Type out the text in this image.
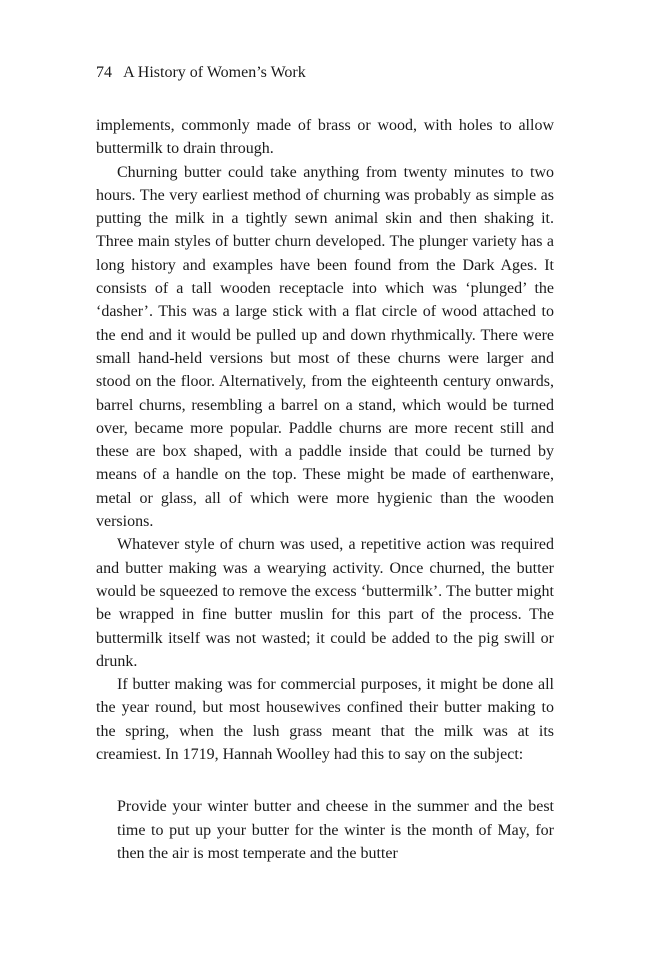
74 A History of Women’s Work

implements, commonly made of brass or wood, with holes to allow buttermilk to drain through.

Churning butter could take anything from twenty minutes to two hours. The very earliest method of churning was probably as simple as putting the milk in a tightly sewn animal skin and then shaking it. Three main styles of butter churn developed. The plunger variety has a long history and examples have been found from the Dark Ages. It consists of a tall wooden receptacle into which was ‘plunged’ the ‘dasher’. This was a large stick with a flat circle of wood attached to the end and it would be pulled up and down rhythmically. There were small hand-held versions but most of these churns were larger and stood on the floor. Alternatively, from the eighteenth century onwards, barrel churns, resembling a barrel on a stand, which would be turned over, became more popular. Paddle churns are more recent still and these are box shaped, with a paddle inside that could be turned by means of a handle on the top. These might be made of earthenware, metal or glass, all of which were more hygienic than the wooden versions.

Whatever style of churn was used, a repetitive action was required and butter making was a wearying activity. Once churned, the butter would be squeezed to remove the excess ‘buttermilk’. The butter might be wrapped in fine butter muslin for this part of the process. The buttermilk itself was not wasted; it could be added to the pig swill or drunk.

If butter making was for commercial purposes, it might be done all the year round, but most housewives confined their butter making to the spring, when the lush grass meant that the milk was at its creamiest. In 1719, Hannah Woolley had this to say on the subject:

Provide your winter butter and cheese in the summer and the best time to put up your butter for the winter is the month of May, for then the air is most temperate and the butter
